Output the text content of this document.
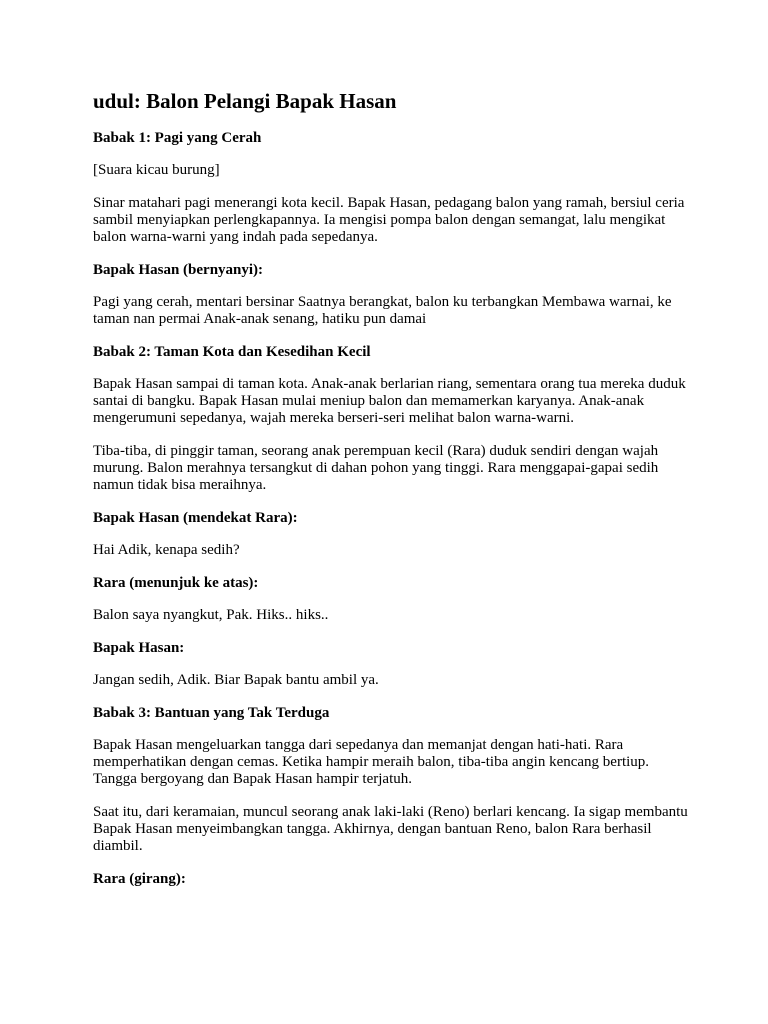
udul: Balon Pelangi Bapak Hasan
Babak 1: Pagi yang Cerah

[Suara kicau burung]

Sinar matahari pagi menerangi kota kecil. Bapak Hasan, pedagang balon yang ramah, bersiul ceria sambil menyiapkan perlengkapannya. Ia mengisi pompa balon dengan semangat, lalu mengikat balon warna-warni yang indah pada sepedanya.

Bapak Hasan (bernyanyi):

Pagi yang cerah, mentari bersinar Saatnya berangkat, balon ku terbangkan Membawa warnai, ke taman nan permai Anak-anak senang, hatiku pun damai

Babak 2: Taman Kota dan Kesedihan Kecil

Bapak Hasan sampai di taman kota. Anak-anak berlarian riang, sementara orang tua mereka duduk santai di bangku. Bapak Hasan mulai meniup balon dan memamerkan karyanya. Anak-anak mengerumuni sepedanya, wajah mereka berseri-seri melihat balon warna-warni.

Tiba-tiba, di pinggir taman, seorang anak perempuan kecil (Rara) duduk sendiri dengan wajah murung. Balon merahnya tersangkut di dahan pohon yang tinggi. Rara menggapai-gapai sedih namun tidak bisa meraihnya.

Bapak Hasan (mendekat Rara):

Hai Adik, kenapa sedih?

Rara (menunjuk ke atas):

Balon saya nyangkut, Pak. Hiks.. hiks..

Bapak Hasan:

Jangan sedih, Adik. Biar Bapak bantu ambil ya.

Babak 3: Bantuan yang Tak Terduga

Bapak Hasan mengeluarkan tangga dari sepedanya dan memanjat dengan hati-hati. Rara memperhatikan dengan cemas. Ketika hampir meraih balon, tiba-tiba angin kencang bertiup. Tangga bergoyang dan Bapak Hasan hampir terjatuh.

Saat itu, dari keramaian, muncul seorang anak laki-laki (Reno) berlari kencang. Ia sigap membantu Bapak Hasan menyeimbangkan tangga. Akhirnya, dengan bantuan Reno, balon Rara berhasil diambil.

Rara (girang):
